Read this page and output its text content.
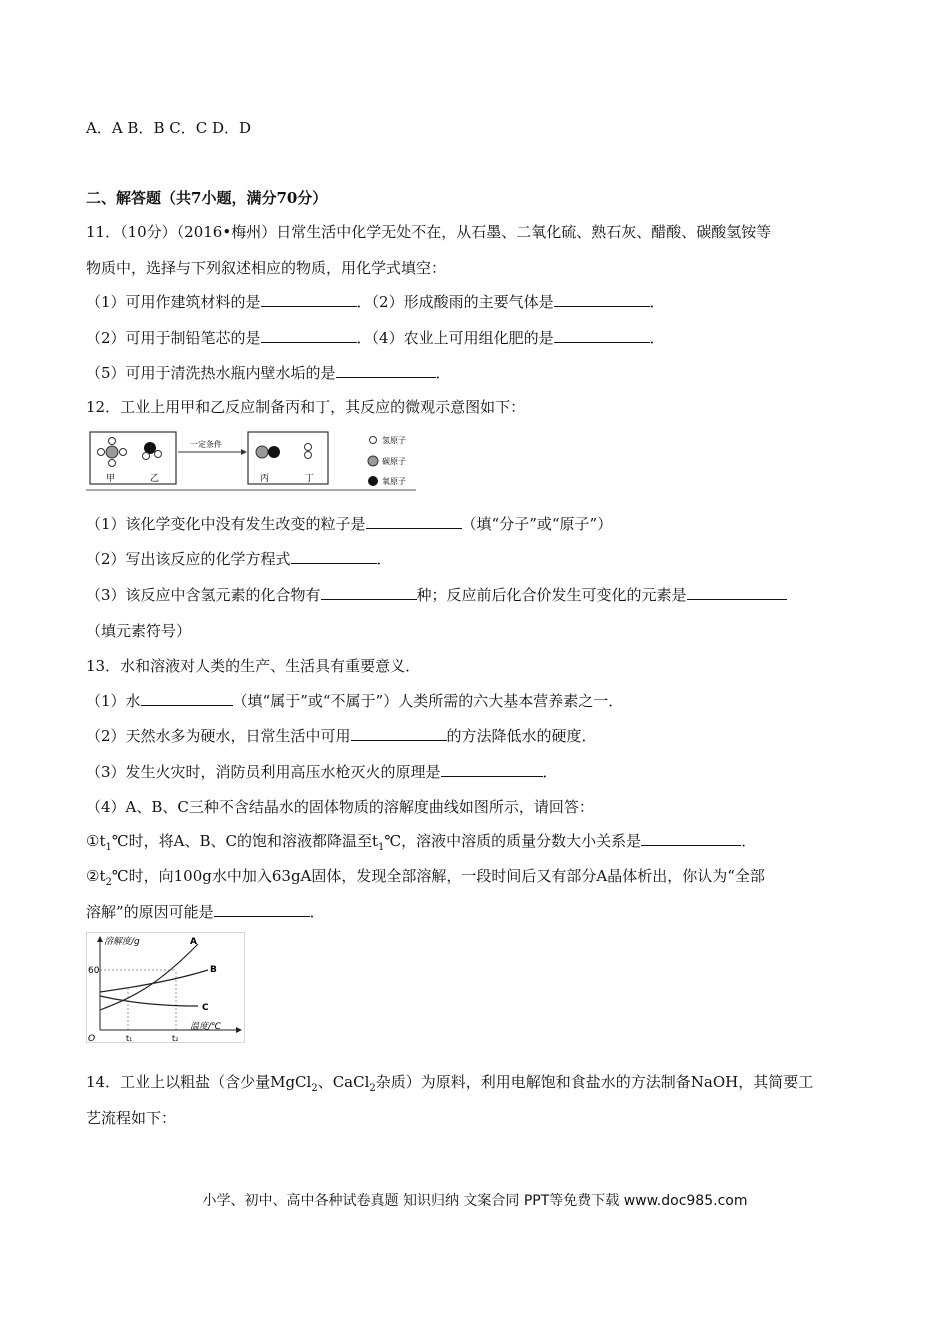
A．A B．B C．C D．D
二、解答题（共7小题，满分70分）
11．（10分）（2016•梅州）日常生活中化学无处不在，从石墨、二氧化硫、熟石灰、醋酸、碳酸氢铵等
物质中，选择与下列叙述相应的物质，用化学式填空：
（1）可用作建筑材料的是	．（2）形成酸雨的主要气体是	．
（2）可用于制铅笔芯的是	．（4）农业上可用组化肥的是	．
（5）可用于清洗热水瓶内壁水垢的是	．
12．工业上用甲和乙反应制备丙和丁，其反应的微观示意图如下：
甲	乙
一定条件
丙	丁
氢原子
碳原子
氧原子
（1）该化学变化中没有发生改变的粒子是	（填“分子”或“原子”）
（2）写出该反应的化学方程式	．
（3）该反应中含氢元素的化合物有	种；反应前后化合价发生可变化的元素是
（填元素符号）
13．水和溶液对人类的生产、生活具有重要意义．
（1）水	（填“属于”或“不属于”）人类所需的六大基本营养素之一．
（2）天然水多为硬水，日常生活中可用	的方法降低水的硬度．
（3）发生火灾时，消防员利用高压水枪灭火的原理是	．
（4）A、B、C三种不含结晶水的固体物质的溶解度曲线如图所示，请回答：
$①t_1℃$时，将A、B、C的饱和溶液都降温至$t_1℃$，溶液中溶质的质量分数大小关系是	．
$②t_2℃$时，向100g水中加入63gA固体，发现全部溶解，一段时间后又有部分A晶体析出，你认为“全部
溶解”的原因可能是	．
溶解度/g
温度/℃
60
O	t₁	t₂
A
B
C
14．工业上以粗盐（含少量MgCl$_2$、CaCl$_2$杂质）为原料，利用电解饱和食盐水的方法制备NaOH，其简要工
艺流程如下：
小学、初中、高中各种试卷真题 知识归纳 文案合同 PPT等免费下载 www.doc985.com
